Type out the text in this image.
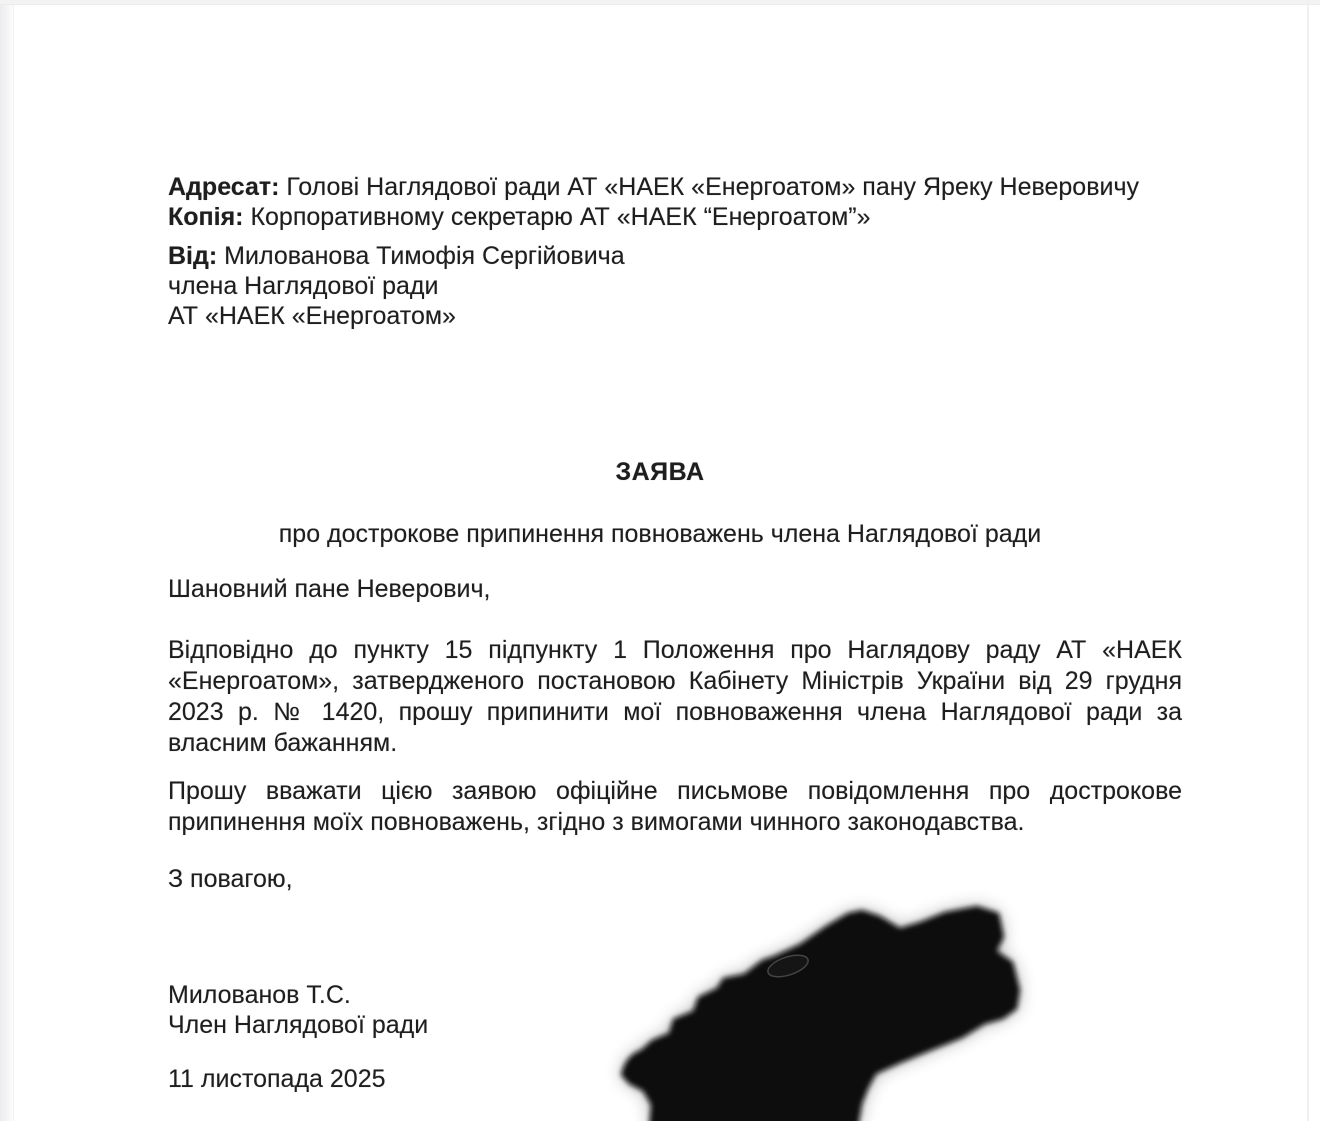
Адресат: Голові Наглядової ради АТ «НАЕК «Енергоатом» пану Яреку Неверовичу
Копія: Корпоративному секретарю АТ «НАЕК “Енергоатом”»
Від: Милованова Тимофія Сергійовича
члена Наглядової ради
АТ «НАЕК «Енергоатом»
ЗАЯВА
про дострокове припинення повноважень члена Наглядової ради
Шановний пане Неверович,

Відповідно до пункту 15 підпункту 1 Положення про Наглядову раду АТ «НАЕК «Енергоатом», затвердженого постановою Кабінету Міністрів України від 29 грудня 2023 р. № 1420, прошу припинити мої повноваження члена Наглядової ради за власним бажанням.

Прошу вважати цією заявою офіційне письмове повідомлення про дострокове припинення моїх повноважень, згідно з вимогами чинного законодавства.

З повагою,
Милованов Т.С.
Член Наглядової ради
11 листопада 2025
